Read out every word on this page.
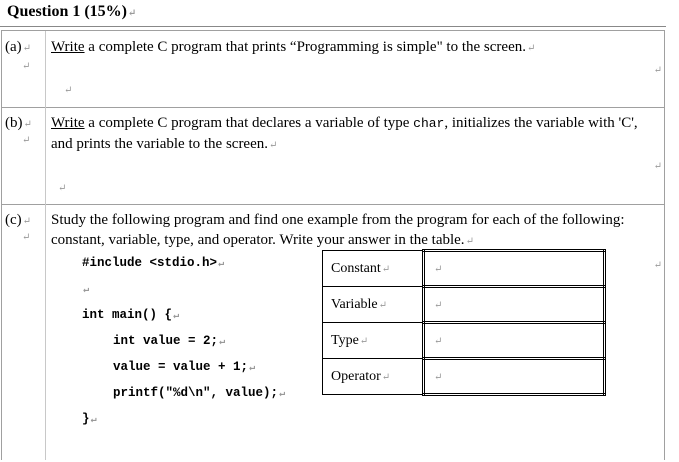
Question 1 (15%)↵
(a)↵
↵
Write a complete C program that prints “Programming is simple" to the screen.↵
↵
↵
(b)↵
↵
Write a complete C program that declares a variable of type char, initializes the variable with 'C', and prints the variable to the screen.↵
↵
↵
(c)↵
↵
Study the following program and find one example from the program for each of the following: constant, variable, type, and operator. Write your answer in the table.↵
↵
#include <stdio.h>↵
↵
int main() {↵
int value = 2;↵
value = value + 1;↵
printf("%d\n", value);↵
}↵
Constant↵	↵
Variable↵	↵
Type↵	↵
Operator↵	↵
